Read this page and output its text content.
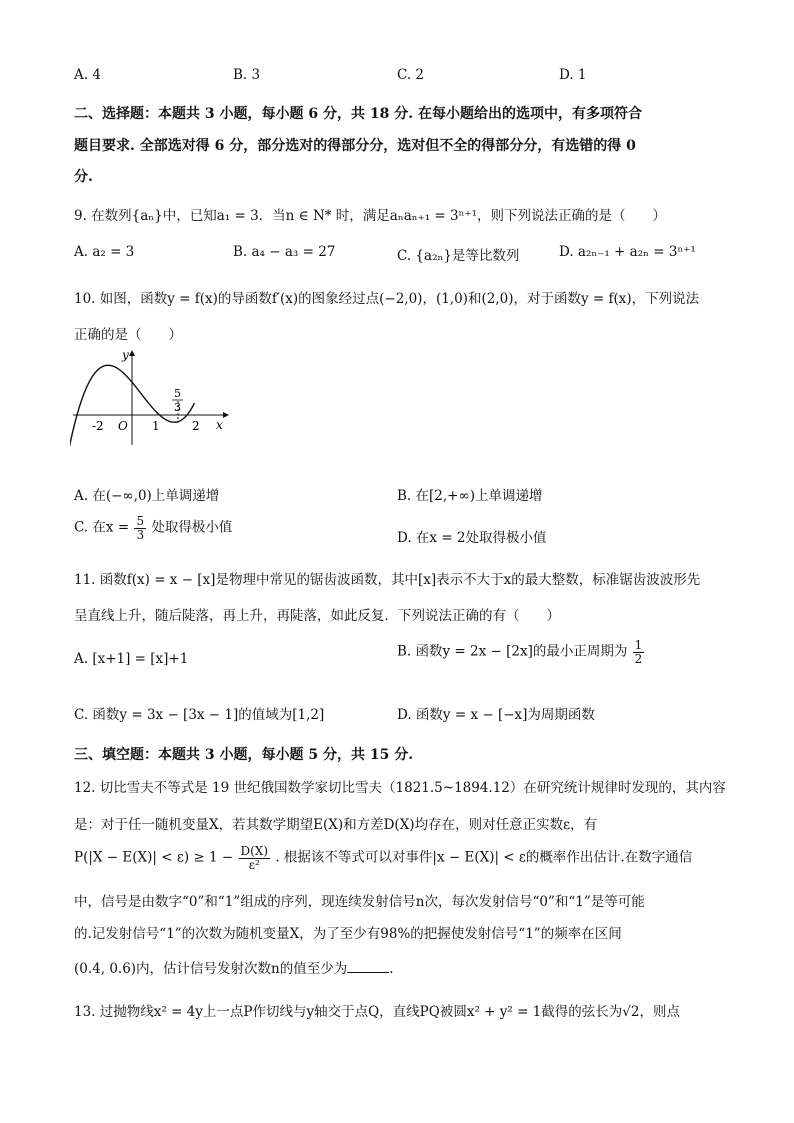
A. 4	B. 3	C. 2	D. 1
二、选择题：本题共 3 小题，每小题 6 分，共 18 分. 在每小题给出的选项中，有多项符合
题目要求. 全部选对得 6 分，部分选对的得部分分，选对但不全的得部分分，有选错的得 0
分.
9. 在数列{aₙ}中，已知a₁ = 3．当n ∈ N* 时，满足aₙaₙ₊₁ = 3ⁿ⁺¹，则下列说法正确的是（　　）
A. a₂ = 3	B. a₄ − a₃ = 27	C. {a₂ₙ}是等比数列	D. a₂ₙ₋₁ + a₂ₙ = 3ⁿ⁺¹
10. 如图，函数y = f(x)的导函数f′(x)的图象经过点(−2,0)，(1,0)和(2,0)，对于函数y = f(x)，下列说法
正确的是（　　）
y
x
O
-2	1	2
5
3
A. 在(−∞,0)上单调递增	B. 在[2,+∞)上单调递增
C. 在$x = \frac{5}{3}$ 处取得极小值
D. 在x = 2处取得极小值
11. 函数f(x) = x − [x]是物理中常见的锯齿波函数，其中[x]表示不大于x的最大整数，标准锯齿波波形先
呈直线上升，随后陡落，再上升，再陡落，如此反复．下列说法正确的有（　　）
A. [x+1] = [x]+1	B. 函数y = 2x − [2x]的最小正周期为 $\frac{1}{2}$
C. 函数y = 3x − [3x − 1]的值域为[1,2]	D. 函数y = x − [−x]为周期函数
三、填空题：本题共 3 小题，每小题 5 分，共 15 分.
12. 切比雪夫不等式是 19 世纪俄国数学家切比雪夫（1821.5~1894.12）在研究统计规律时发现的，其内容
是：对于任一随机变量X，若其数学期望E(X)和方差D(X)均存在，则对任意正实数ε，有
$P(|X - E(X)| < \varepsilon) \ge 1 - \frac{D(X)}{\text{ε²}}$ . 根据该不等式可以对事件|x − E(X)| < ε的概率作出估计.在数字通信
中，信号是由数字“0”和“1”组成的序列，现连续发射信号n次，每次发射信号“0”和“1”是等可能
的.记发射信号“1”的次数为随机变量X，为了至少有98%的把握使发射信号“1”的频率在区间
(0.4, 0.6)内，估计信号发射次数n的值至少为	.
13. 过抛物线x² = 4y上一点P作切线与y轴交于点Q，直线PQ被圆x² + y² = 1截得的弦长为√2，则点
